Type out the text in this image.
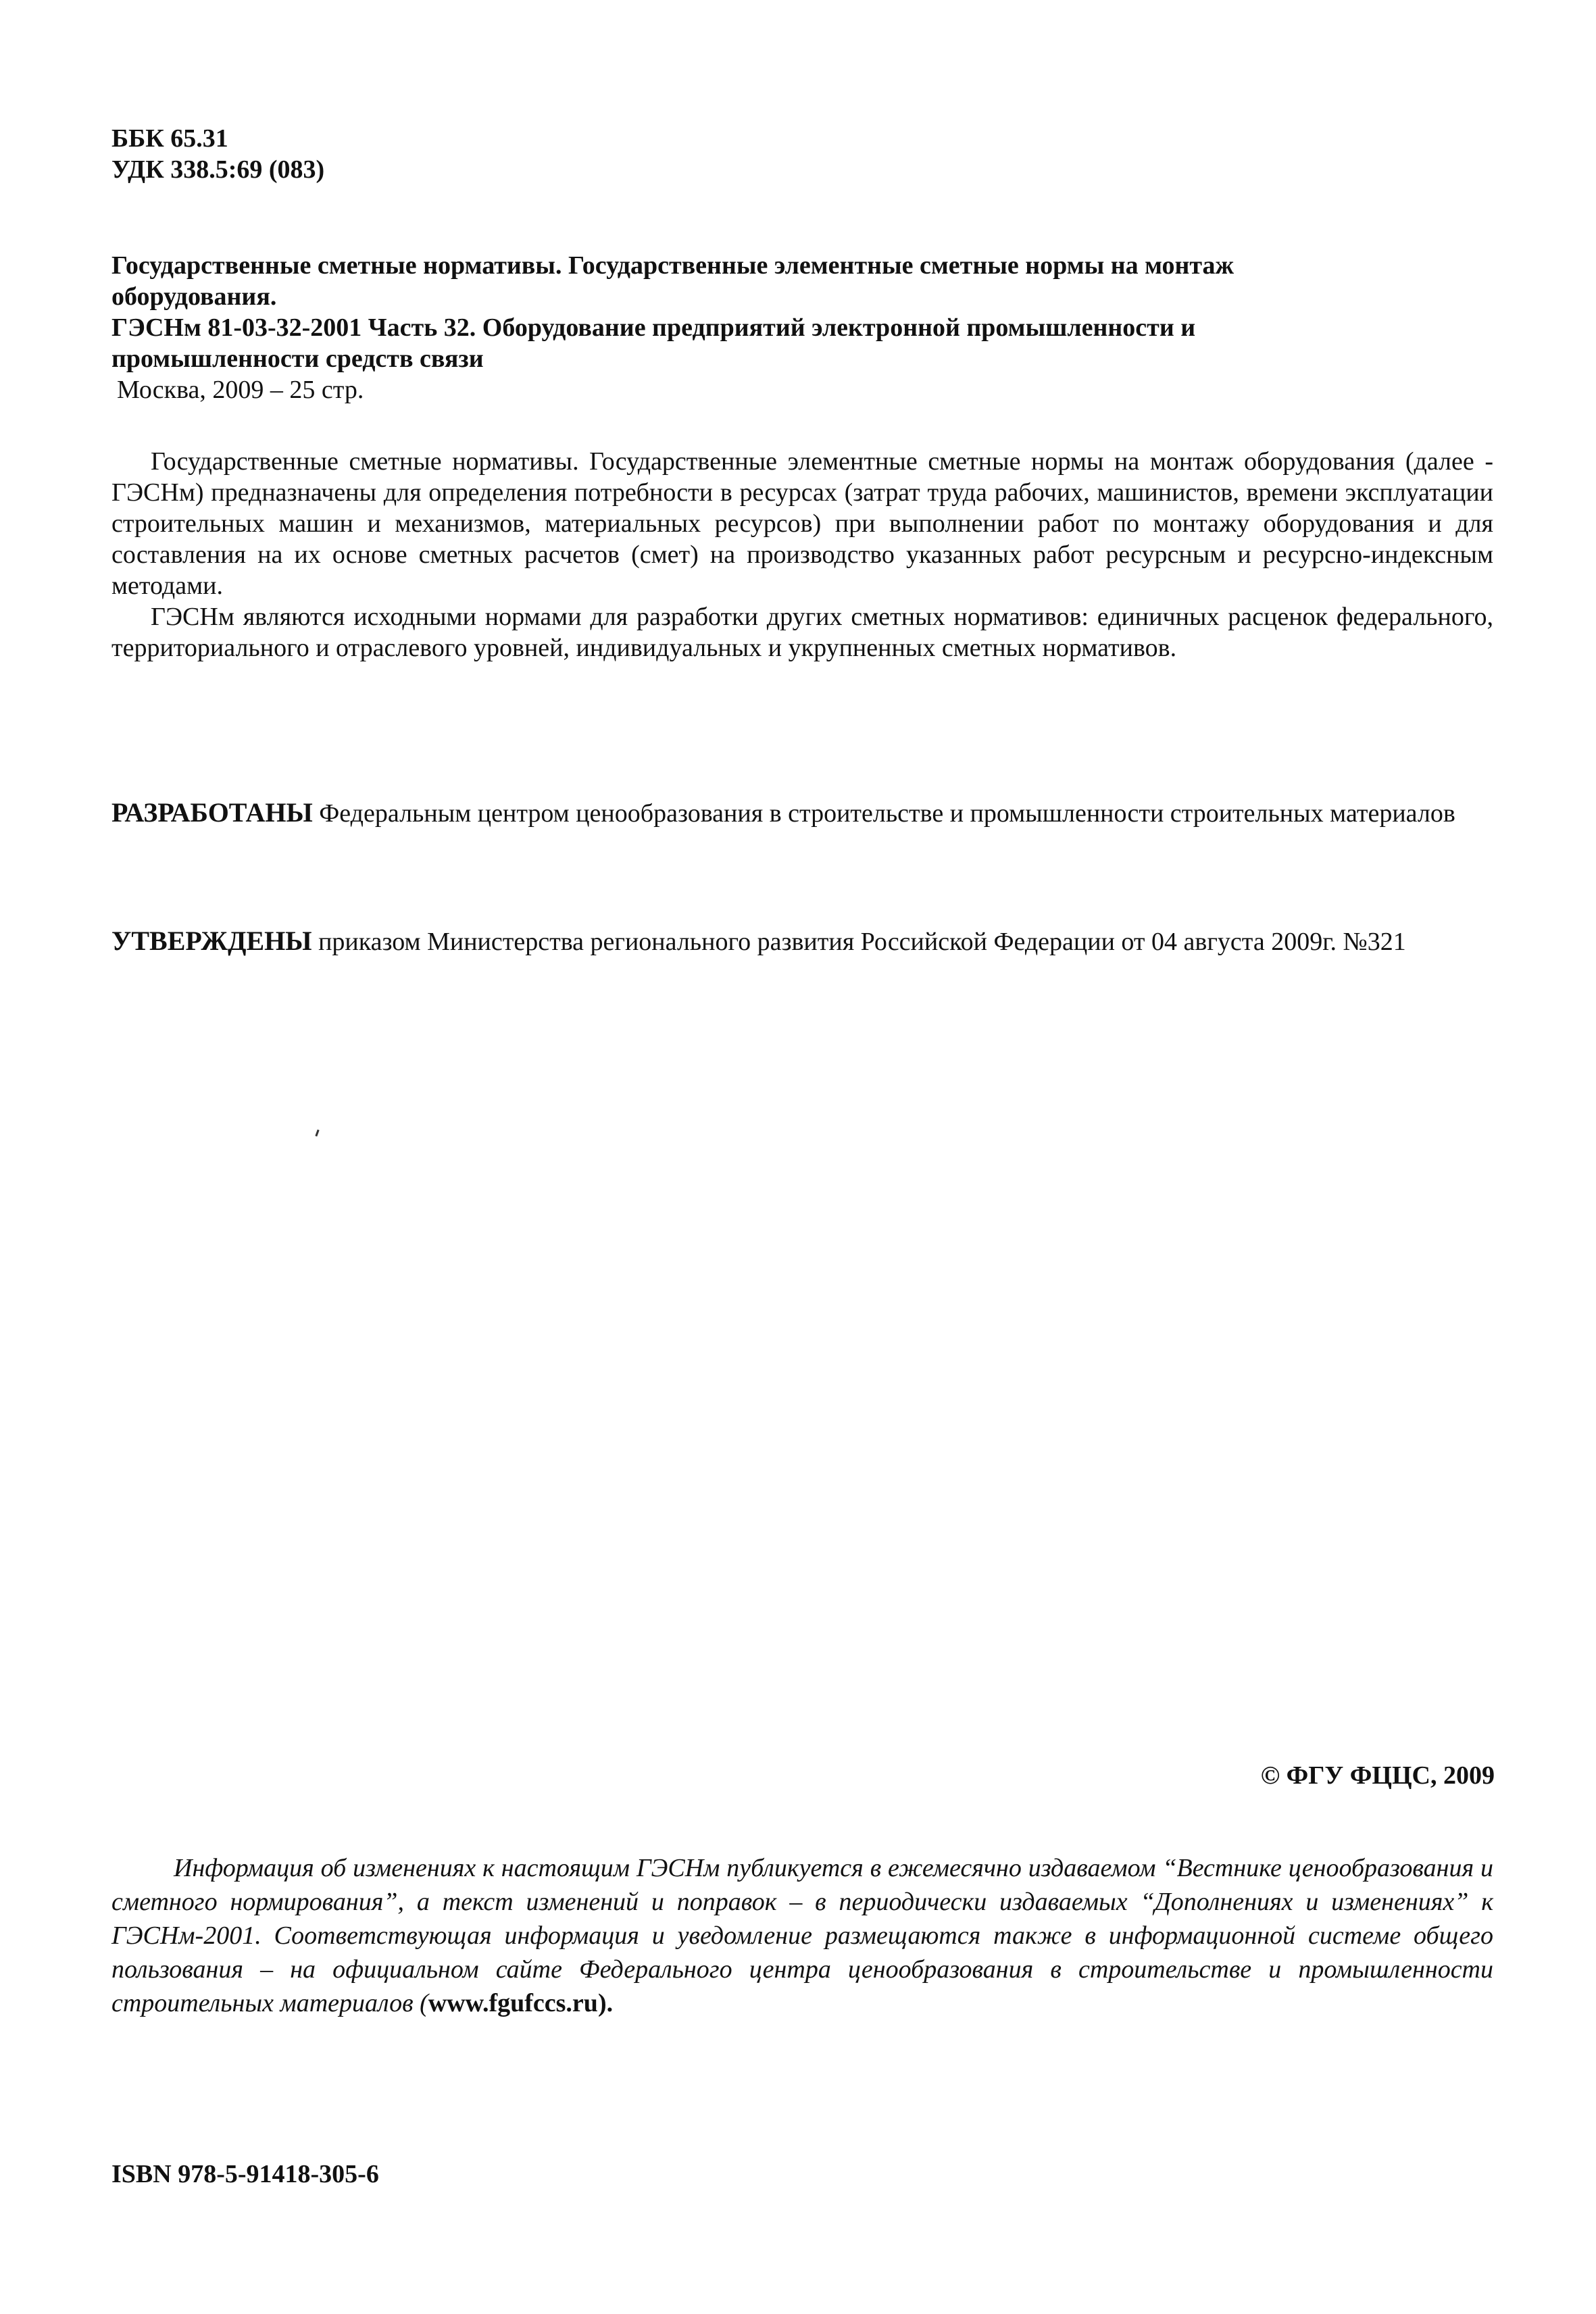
ББК 65.31
УДК 338.5:69 (083)
Государственные сметные нормативы. Государственные элементные сметные нормы на монтаж
оборудования.
ГЭСНм 81-03-32-2001 Часть 32. Оборудование предприятий электронной промышленности и
промышленности средств связи
Москва, 2009 – 25 стр.

Государственные сметные нормативы. Государственные элементные сметные нормы на монтаж оборудования (далее - ГЭСНм) предназначены для определения потребности в ресурсах (затрат труда рабочих, машинистов, времени эксплуатации строительных машин и механизмов, материальных ресурсов) при выполнении работ по монтажу оборудования и для составления на их основе сметных расчетов (смет) на производство указанных работ ресурсным и ресурсно-индексным методами.

ГЭСНм являются исходными нормами для разработки других сметных нормативов: единичных расценок федерального, территориального и отраслевого уровней, индивидуальных и укрупненных сметных нормативов.

РАЗРАБОТАНЫ Федеральным центром ценообразования в строительстве и промышленности строительных материалов

УТВЕРЖДЕНЫ приказом Министерства регионального развития Российской Федерации от 04 августа 2009г. №321

© ФГУ ФЦЦС, 2009

Информация об изменениях к настоящим ГЭСНм публикуется в ежемесячно издаваемом “Вестнике ценообразования и сметного нормирования”, а текст изменений и поправок – в периодически издаваемых “Дополнениях и изменениях” к ГЭСНм-2001. Соответствующая информация и уведомление размещаются также в информационной системе общего пользования – на официальном сайте Федерального центра ценообразования в строительстве и промышленности строительных материалов (www.fgufccs.ru).

ISBN 978-5-91418-305-6
